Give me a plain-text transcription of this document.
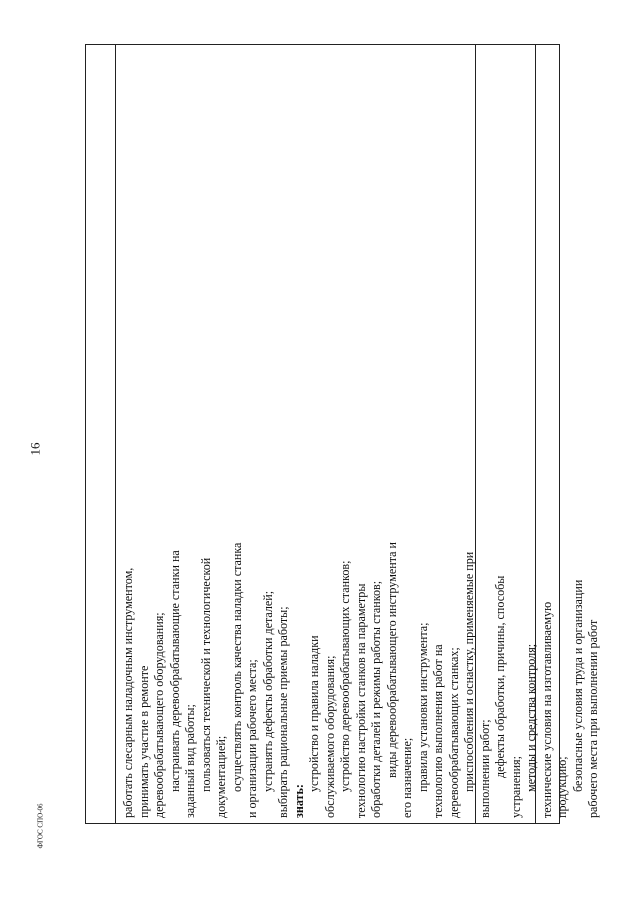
16
работать слесарным наладочным инструментом, принимать участие в ремонте деревообрабатывающего оборудования; настраивать деревообрабатывающие станки на заданный вид работы; пользоваться технической и технологической документацией; осуществлять контроль качества наладки станка и организации рабочего места; устранять дефекты обработки деталей; выбирать рациональные приемы работы; знать:
устройство и правила наладки обслуживаемого оборудования; устройство деревообрабатывающих станков; технологию настройки станков на параметры обработки деталей и режимы работы станков; виды деревообрабатывающего инструмента и его назначение; правила установки инструмента; технологию выполнения работ на деревообрабатывающих станках; приспособления и оснастку, применяемые при выполнении работ; дефекты обработки, причины, способы
устранения; методы и средства контроля; технические условия на изготавливаемую продукцию; безопасные условия труда и организации рабочего места при выполнении работ
ФГОС СПО-06
